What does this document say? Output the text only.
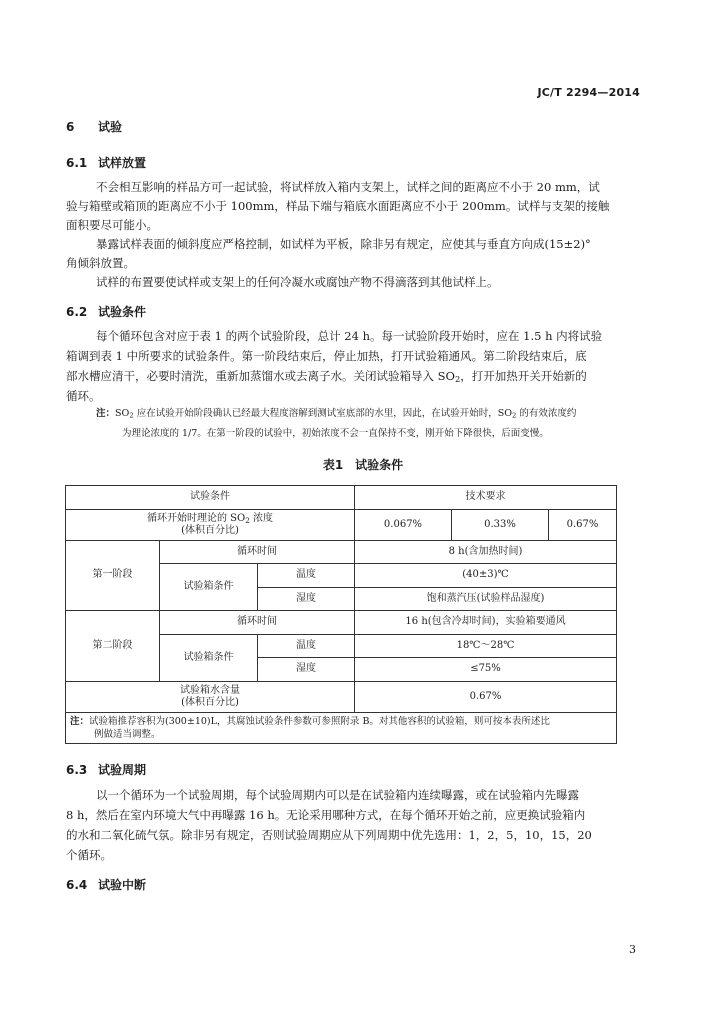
JC/T 2294—2014
6 试验
6.1 试样放置
不会相互影响的样品方可一起试验，将试样放入箱内支架上，试样之间的距离应不小于 20 mm，试
验与箱壁或箱顶的距离应不小于 100mm，样品下端与箱底水面距离应不小于 200mm。试样与支架的接触
面积要尽可能小。
暴露试样表面的倾斜度应严格控制，如试样为平板，除非另有规定，应使其与垂直方向成(15±2)°
角倾斜放置。
试样的布置要使试样或支架上的任何冷凝水或腐蚀产物不得滴落到其他试样上。
6.2 试验条件
每个循环包含对应于表 1 的两个试验阶段，总计 24 h。每一试验阶段开始时，应在 1.5 h 内将试验
箱调到表 1 中所要求的试验条件。第一阶段结束后，停止加热，打开试验箱通风。第二阶段结束后，底
部水槽应清干，必要时清洗，重新加蒸馏水或去离子水。关闭试验箱导入 $SO_2$，打开加热开关开始新的
循环。
注：$SO_2$ 应在试验开始阶段确认已经最大程度溶解到测试室底部的水里，因此，在试验开始时，$SO_2$ 的有效浓度约
为理论浓度的 1/7。在第一阶段的试验中，初始浓度不会一直保持不变，刚开始下降很快，后面变慢。
表1　试验条件
试验条件			技术要求		
循环开始时理论的 $SO_2$ 浓度
(体积百分比)			0.067%	0.33%	0.67%
第一阶段	循环时间		8 h(含加热时间)		
	试验箱条件	温度	(40±3)℃		
		湿度	饱和蒸汽压(试验样品湿度)		
第二阶段	循环时间		16 h(包含冷却时间)，实验箱要通风		
	试验箱条件	温度	18℃～28℃		
		湿度	≤75%		
试验箱水含量
(体积百分比)			0.67%		
注：试验箱推荐容积为(300±10)L，其腐蚀试验条件参数可参照附录 B。对其他容积的试验箱，则可按本表所述比
例做适当调整。					
6.3 试验周期
以一个循环为一个试验周期，每个试验周期内可以是在试验箱内连续曝露，或在试验箱内先曝露
8 h，然后在室内环境大气中再曝露 16 h。无论采用哪种方式，在每个循环开始之前，应更换试验箱内
的水和二氧化硫气氛。除非另有规定，否则试验周期应从下列周期中优先选用：1，2，5，10，15，20
个循环。
6.4 试验中断
3
